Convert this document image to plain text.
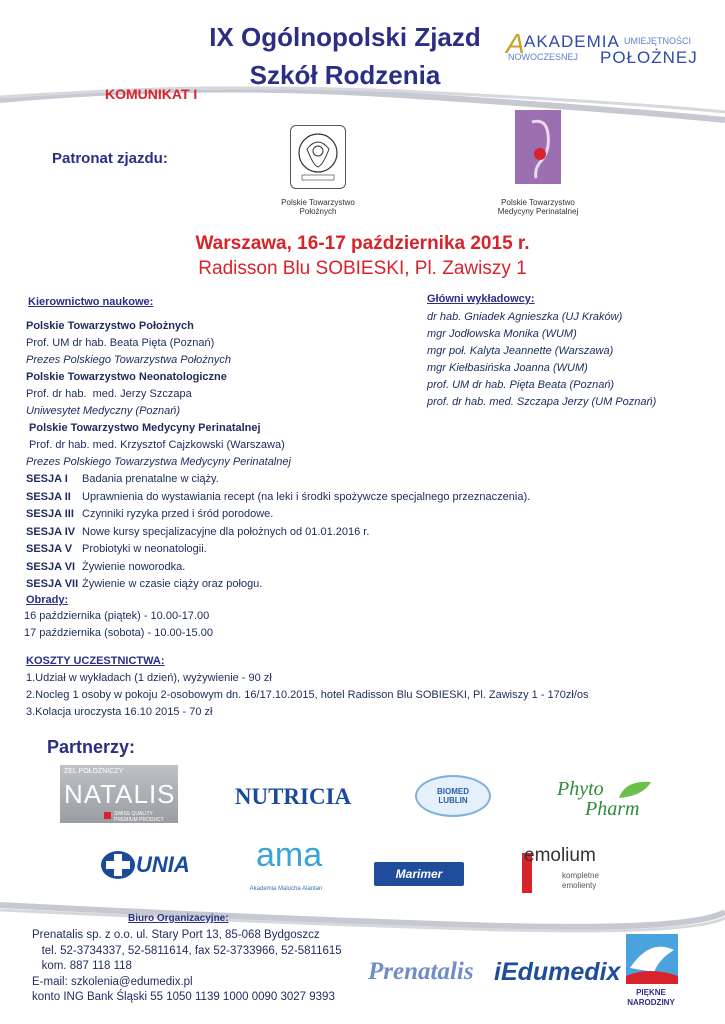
IX Ogólnopolski Zjazd
Szkół Rodzenia
A AKADEMIA UMIEJĘTNOŚCI
NOWOCZESNEJ POŁOŻNEJ
KOMUNIKAT I
Patronat zjazdu:
Polskie Towarzystwo
Położnych
Polskie Towarzystwo
Medycyny Perinatalnej
Warszawa, 16-17 października 2015 r.
Radisson Blu SOBIESKI, Pl. Zawiszy 1
Kierownictwo naukowe:
Polskie Towarzystwo Położnych
Prof. UM dr hab. Beata Pięta (Poznań)
Prezes Polskiego Towarzystwa Położnych
Polskie Towarzystwo Neonatologiczne
Prof. dr hab.  med. Jerzy Szczapa
Uniwesytet Medyczny (Poznań)
Polskie Towarzystwo Medycyny Perinatalnej
Prof. dr hab. med. Krzysztof Cajzkowski (Warszawa)
Prezes Polskiego Towarzystwa Medycyny Perinatalnej
Główni wykładowcy:
dr hab. Gniadek Agnieszka (UJ Kraków)
mgr Jodłowska Monika (WUM)
mgr poł. Kalyta Jeannette (Warszawa)
mgr Kiełbasińska Joanna (WUM)
prof. UM dr hab. Pięta Beata (Poznań)
prof. dr hab. med. Szczapa Jerzy (UM Poznań)
SESJA I	Badania prenatalne w ciąży.
SESJA II	Uprawnienia do wystawiania recept (na leki i środki spożywcze specjalnego przeznaczenia).
SESJA III Czynniki ryzyka przed i śród porodowe.
SESJA IV Nowe kursy specjalizacyjne dla położnych od 01.01.2016 r.
SESJA V Probiotyki w neonatologii.
SESJA VI Żywienie noworodka.
SESJA VII Żywienie w czasie ciąży oraz połogu.
Obrady:
16 października (piątek) - 10.00-17.00
17 października (sobota) - 10.00-15.00
KOSZTY UCZESTNICTWA:
1.Udział w wykładach (1 dzień), wyżywienie - 90 zł
2.Nocleg 1 osoby w pokoju 2-osobowym dn. 16/17.10.2015, hotel Radisson Blu SOBIESKI, Pl. Zawiszy 1 - 170zł/os
3.Kolacja uroczysta 16.10 2015 - 70 zł
Partnerzy:
ŻEL POŁOŻNICZY
NATALIS
SWISS QUALITY PREMIUM PRODUCT
NUTRICIA	BIOMED LUBLIN
Phyto
Pharm
UNIA ama
Akademia Malucha Alantan
Marimer
emolium
kompletne
emolienty
Biuro Organizacyjne:
Prenatalis sp. z o.o. ul. Stary Port 13, 85-068 Bydgoszcz
tel. 52-3734337, 52-5811614, fax 52-3733966, 52-5811615
kom. 887 118 118
E-mail: szkolenia@edumedix.pl
konto ING Bank Śląski 55 1050 1139 1000 0090 3027 9393
Prenatalis iEdumedix
PIĘKNE
NARODZINY
